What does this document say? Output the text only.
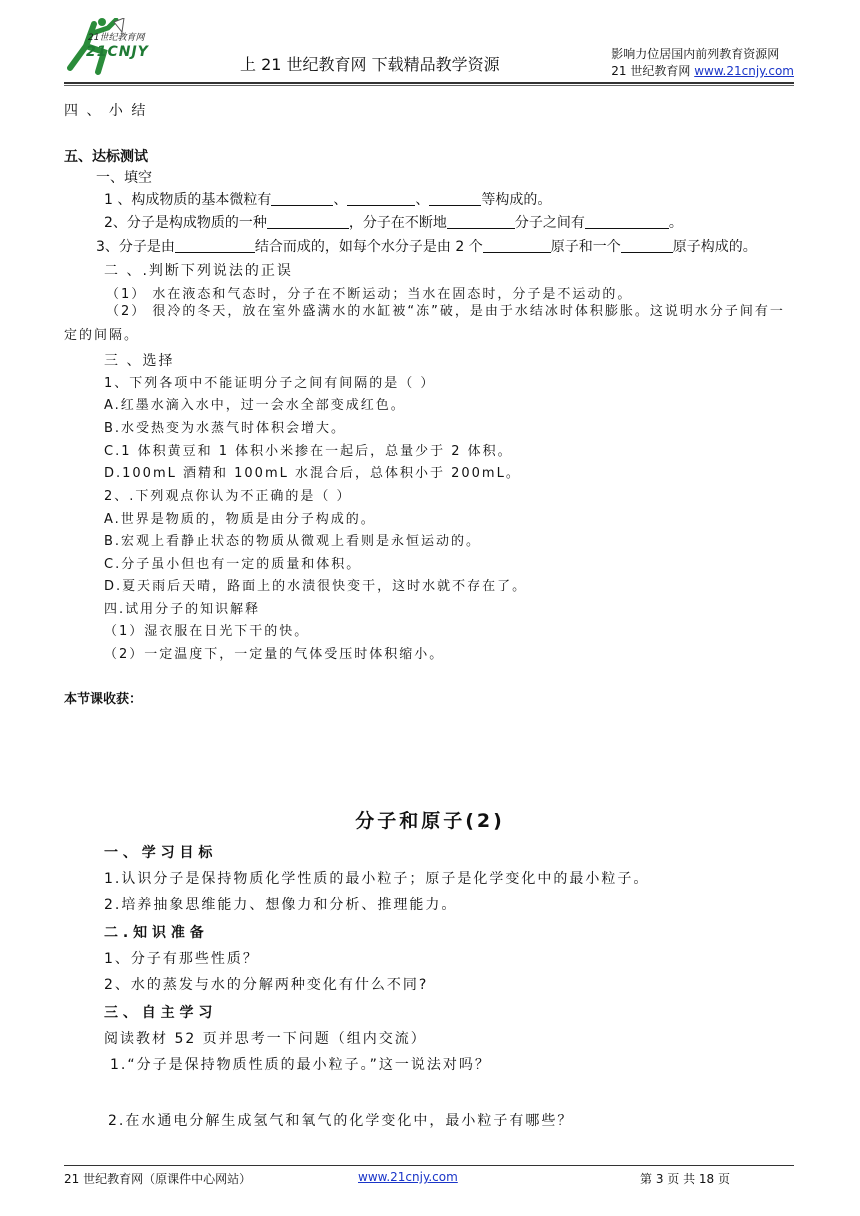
21世纪教育网
21CNJY
上 21 世纪教育网 下载精品教学资源
影响力位居国内前列教育资源网
21 世纪教育网 www.21cnjy.com
四 、 小 结
五、达标测试
一、填空
1 、构成物质的基本微粒有	、	、	等构成的。
2、分子是构成物质的一种	，分子在不断地	分子之间有	。
3、分子是由	结合而成的，如每个水分子是由 2 个	原子和一个	原子构成的。
二 、.判断下列说法的正误
（1） 水在液态和气态时，分子在不断运动；当水在固态时，分子是不运动的。
（2） 很冷的冬天，放在室外盛满水的水缸被“冻”破，是由于水结冰时体积膨胀。这说明水分子间有一定的间隔。
三 、选择
1、下列各项中不能证明分子之间有间隔的是（ ）
A.红墨水滴入水中，过一会水全部变成红色。
B.水受热变为水蒸气时体积会增大。
C.1 体积黄豆和 1 体积小米掺在一起后，总量少于 2 体积。
D.100mL 酒精和 100mL 水混合后，总体积小于 200mL。
2、.下列观点你认为不正确的是（ ）
A.世界是物质的，物质是由分子构成的。
B.宏观上看静止状态的物质从微观上看则是永恒运动的。
C.分子虽小但也有一定的质量和体积。
D.夏天雨后天晴，路面上的水渍很快变干，这时水就不存在了。
四.试用分子的知识解释
（1）湿衣服在日光下干的快。
（2）一定温度下，一定量的气体受压时体积缩小。
本节课收获：
分子和原子(2)
一 、 学 习 目 标
1.认识分子是保持物质化学性质的最小粒子；原子是化学变化中的最小粒子。
2.培养抽象思维能力、想像力和分析、推理能力。
二 . 知 识 准 备
1、分子有那些性质？
2、水的蒸发与水的分解两种变化有什么不同?
三 、 自 主 学 习
阅读教材 52 页并思考一下问题（组内交流）
1.“分子是保持物质性质的最小粒子。”这一说法对吗？
2.在水通电分解生成氢气和氧气的化学变化中，最小粒子有哪些？
21 世纪教育网（原课件中心网站）	www.21cnjy.com	第 3 页 共 18 页
